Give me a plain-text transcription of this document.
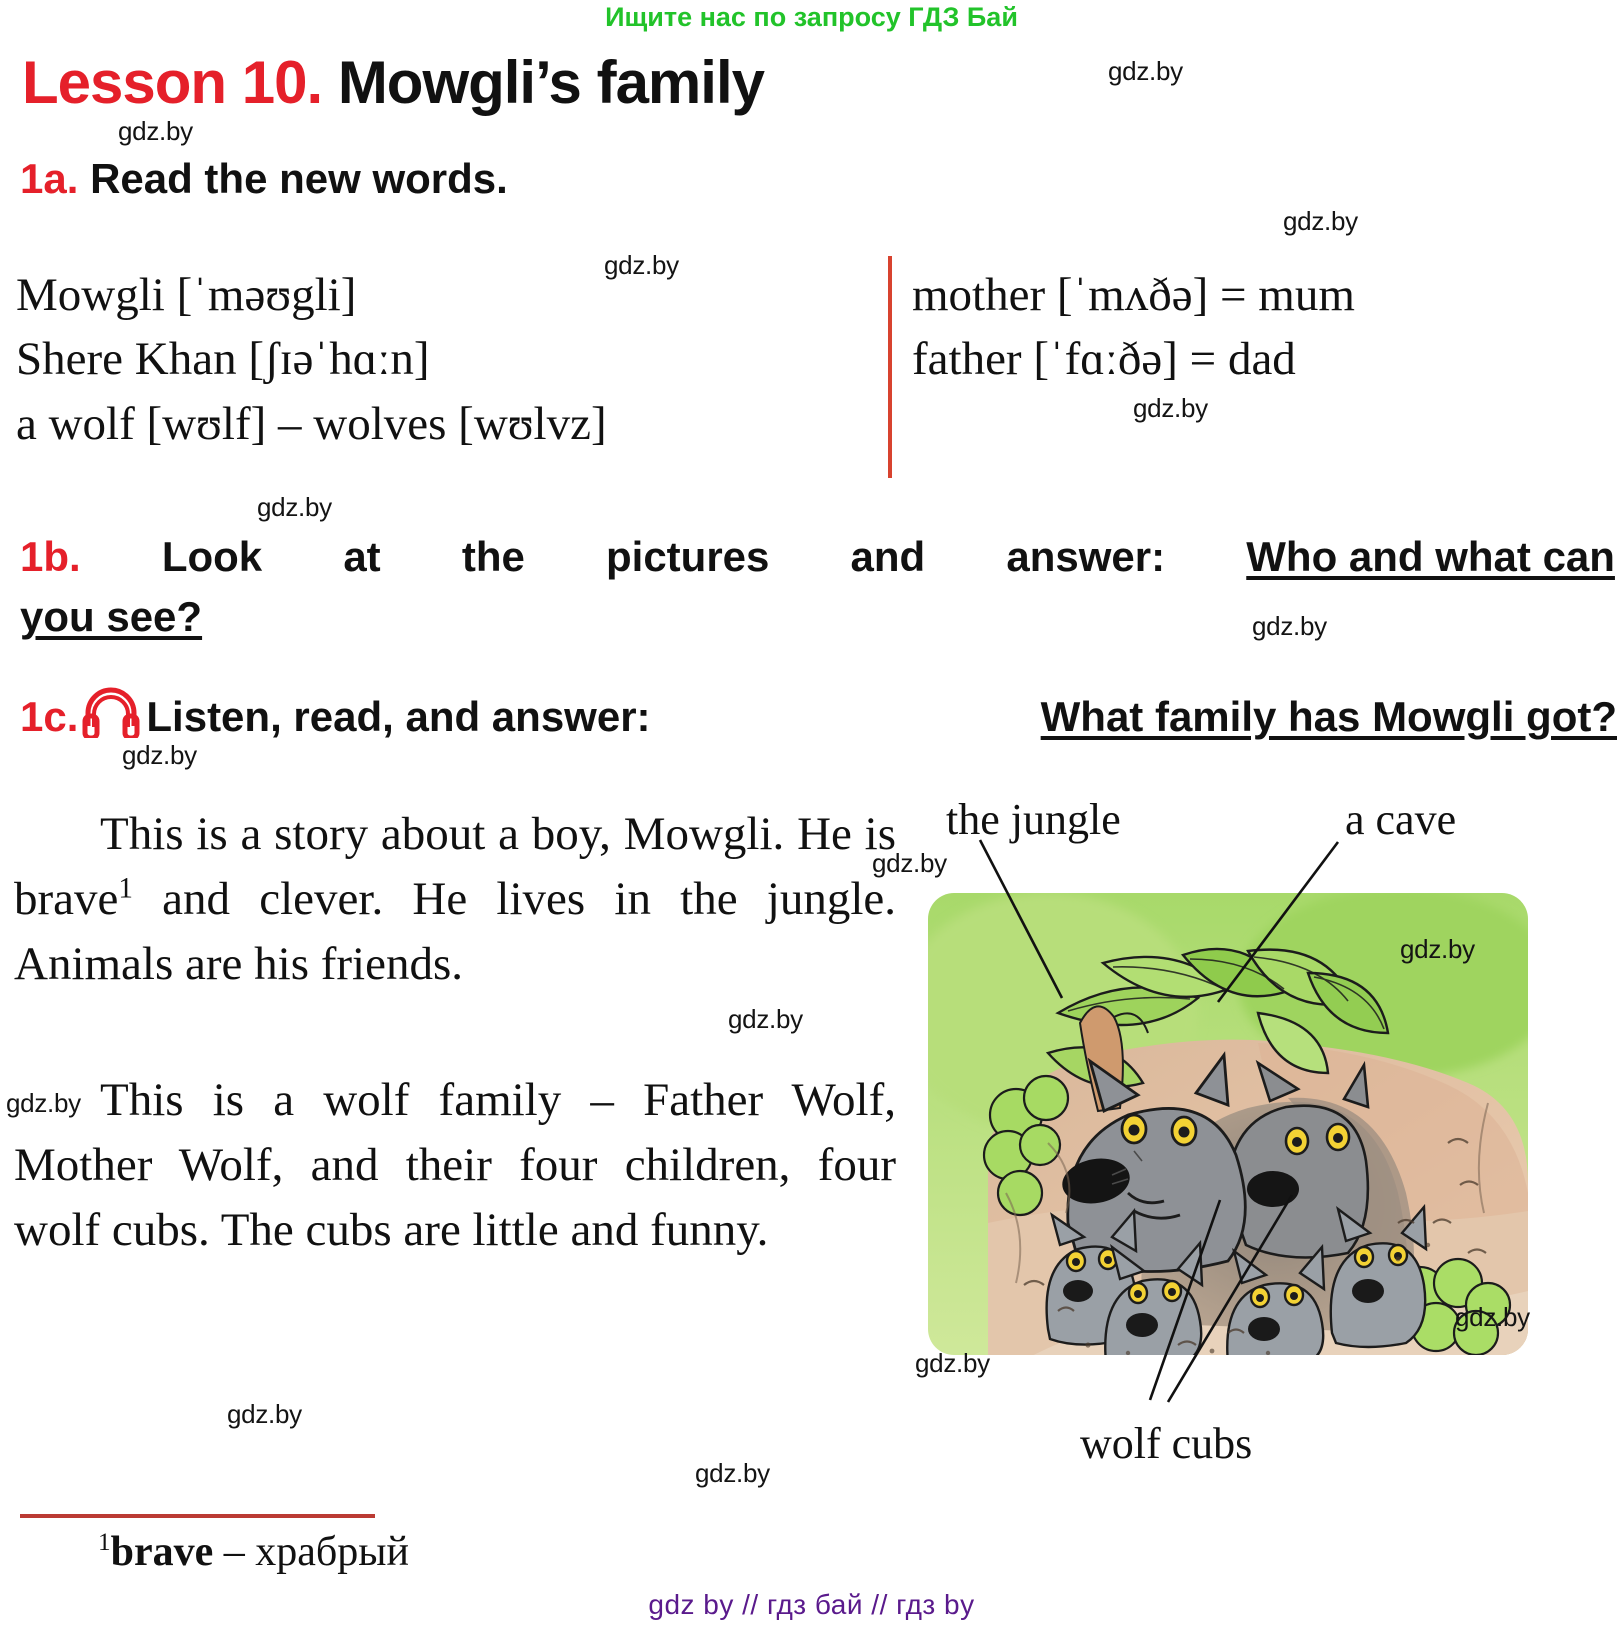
Ищите нас по запросу ГДЗ Бай
Lesson 10. Mowgli’s family
1a. Read the new words.
Mowgli [ˈməʊgli]
Shere Khan [ʃɪəˈhɑːn]
a wolf [wʊlf] – wolves [wʊlvz]
mother [ˈmʌðə] = mum
father [ˈfɑːðə] = dad
1b. Look at the pictures and answer: Who and what can
you see?
1c. Listen, read, and answer:	What family has Mowgli got?

This is a story about a boy, Mowgli. He is brave$^1$ and clever. He lives in the jungle. Animals are his friends.

This is a wolf family – Father Wolf, Mother Wolf, and their four children, four wolf cubs. The cubs are little and funny.

the jungle	a cave
wolf cubs
$^1$brave – храбрый
gdz by // гдз бай // гдз by
gdz.by
gdz.by
gdz.by
gdz.by
gdz.by
gdz.by
gdz.by
gdz.by
gdz.by
gdz.by
gdz.by
gdz.by
gdz.by
gdz.by
gdz.by
gdz.by
